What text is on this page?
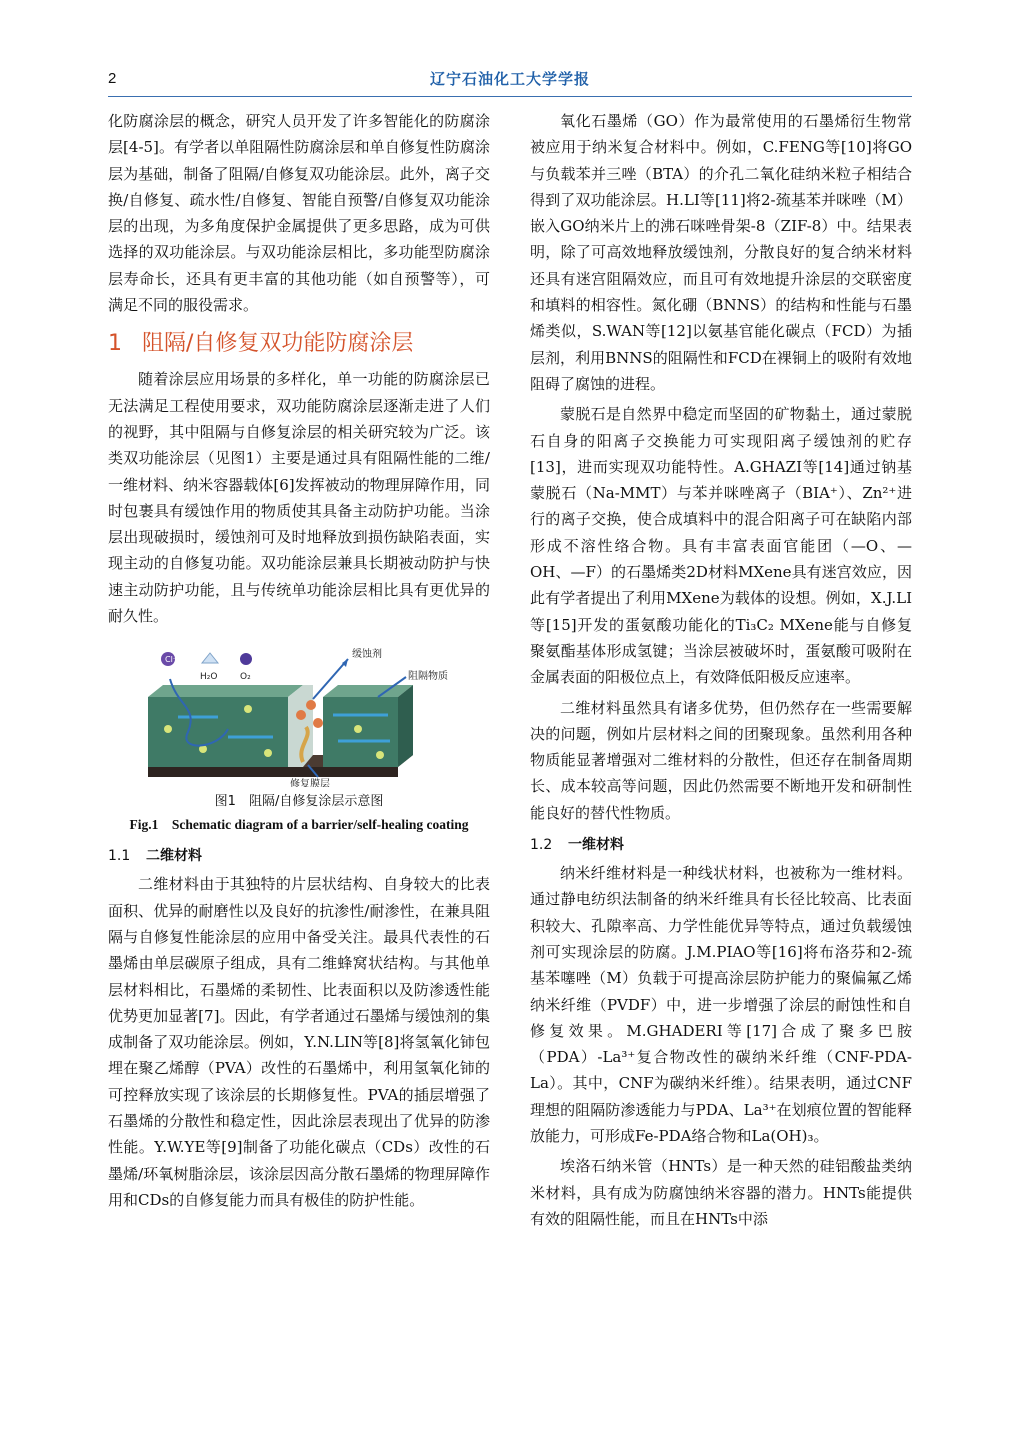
2	辽宁石油化工大学学报

化防腐涂层的概念，研究人员开发了许多智能化的防腐涂层[4-5]。有学者以单阻隔性防腐涂层和单自修复性防腐涂层为基础，制备了阻隔/自修复双功能涂层。此外，离子交换/自修复、疏水性/自修复、智能自预警/自修复双功能涂层的出现，为多角度保护金属提供了更多思路，成为可供选择的双功能涂层。与双功能涂层相比，多功能型防腐涂层寿命长，还具有更丰富的其他功能（如自预警等），可满足不同的服役需求。

1 阻隔/自修复双功能防腐涂层

随着涂层应用场景的多样化，单一功能的防腐涂层已无法满足工程使用要求，双功能防腐涂层逐渐走进了人们的视野，其中阻隔与自修复涂层的相关研究较为广泛。该类双功能涂层（见图1）主要是通过具有阻隔性能的二维/一维材料、纳米容器载体[6]发挥被动的物理屏障作用，同时包裹具有缓蚀作用的物质使其具备主动防护功能。当涂层出现破损时，缓蚀剂可及时地释放到损伤缺陷表面，实现主动的自修复功能。双功能涂层兼具长期被动防护与快速主动防护功能，且与传统单功能涂层相比具有更优异的耐久性。

Cl⁻
H₂O	O₂
缓蚀剂
阻隔物质
修复膜层
图1　阻隔/自修复涂层示意图
Fig.1　Schematic diagram of a barrier/self-healing coating
1.1 二维材料

二维材料由于其独特的片层状结构、自身较大的比表面积、优异的耐磨性以及良好的抗渗性/耐渗性，在兼具阻隔与自修复性能涂层的应用中备受关注。最具代表性的石墨烯由单层碳原子组成，具有二维蜂窝状结构。与其他单层材料相比，石墨烯的柔韧性、比表面积以及防渗透性能优势更加显著[7]。因此，有学者通过石墨烯与缓蚀剂的集成制备了双功能涂层。例如，Y.N.LIN等[8]将氢氧化铈包埋在聚乙烯醇（PVA）改性的石墨烯中，利用氢氧化铈的可控释放实现了该涂层的长期修复性。PVA的插层增强了石墨烯的分散性和稳定性，因此涂层表现出了优异的防渗性能。Y.W.YE等[9]制备了功能化碳点（CDs）改性的石墨烯/环氧树脂涂层，该涂层因高分散石墨烯的物理屏障作用和CDs的自修复能力而具有极佳的防护性能。

氧化石墨烯（GO）作为最常使用的石墨烯衍生物常被应用于纳米复合材料中。例如，C.FENG等[10]将GO与负载苯并三唑（BTA）的介孔二氧化硅纳米粒子相结合得到了双功能涂层。H.LI等[11]将2-巯基苯并咪唑（M）嵌入GO纳米片上的沸石咪唑骨架-8（ZIF-8）中。结果表明，除了可高效地释放缓蚀剂，分散良好的复合纳米材料还具有迷宫阻隔效应，而且可有效地提升涂层的交联密度和填料的相容性。氮化硼（BNNS）的结构和性能与石墨烯类似，S.WAN等[12]以氨基官能化碳点（FCD）为插层剂，利用BNNS的阻隔性和FCD在裸铜上的吸附有效地阻碍了腐蚀的进程。

蒙脱石是自然界中稳定而坚固的矿物黏土，通过蒙脱石自身的阳离子交换能力可实现阳离子缓蚀剂的贮存[13]，进而实现双功能特性。A.GHAZI等[14]通过钠基蒙脱石（Na-MMT）与苯并咪唑离子（BIA⁺）、Zn²⁺进行的离子交换，使合成填料中的混合阳离子可在缺陷内部形成不溶性络合物。具有丰富表面官能团（—O、—OH、—F）的石墨烯类2D材料MXene具有迷宫效应，因此有学者提出了利用MXene为载体的设想。例如，X.J.LI等[15]开发的蛋氨酸功能化的Ti₃C₂ MXene能与自修复聚氨酯基体形成氢键；当涂层被破坏时，蛋氨酸可吸附在金属表面的阳极位点上，有效降低阳极反应速率。

二维材料虽然具有诸多优势，但仍然存在一些需要解决的问题，例如片层材料之间的团聚现象。虽然利用各种物质能显著增强对二维材料的分散性，但还存在制备周期长、成本较高等问题，因此仍然需要不断地开发和研制性能良好的替代性物质。

1.2 一维材料

纳米纤维材料是一种线状材料，也被称为一维材料。通过静电纺织法制备的纳米纤维具有长径比较高、比表面积较大、孔隙率高、力学性能优异等特点，通过负载缓蚀剂可实现涂层的防腐。J.M.PIAO等[16]将布洛芬和2-巯基苯噻唑（M）负载于可提高涂层防护能力的聚偏氟乙烯纳米纤维（PVDF）中，进一步增强了涂层的耐蚀性和自修复效果。M.GHADERI等[17]合成了聚多巴胺（PDA）-La³⁺复合物改性的碳纳米纤维（CNF-PDA-La）。其中，CNF为碳纳米纤维）。结果表明，通过CNF理想的阻隔防渗透能力与PDA、La³⁺在划痕位置的智能释放能力，可形成Fe-PDA络合物和La(OH)₃。

埃洛石纳米管（HNTs）是一种天然的硅铝酸盐类纳米材料，具有成为防腐蚀纳米容器的潜力。HNTs能提供有效的阻隔性能，而且在HNTs中添
